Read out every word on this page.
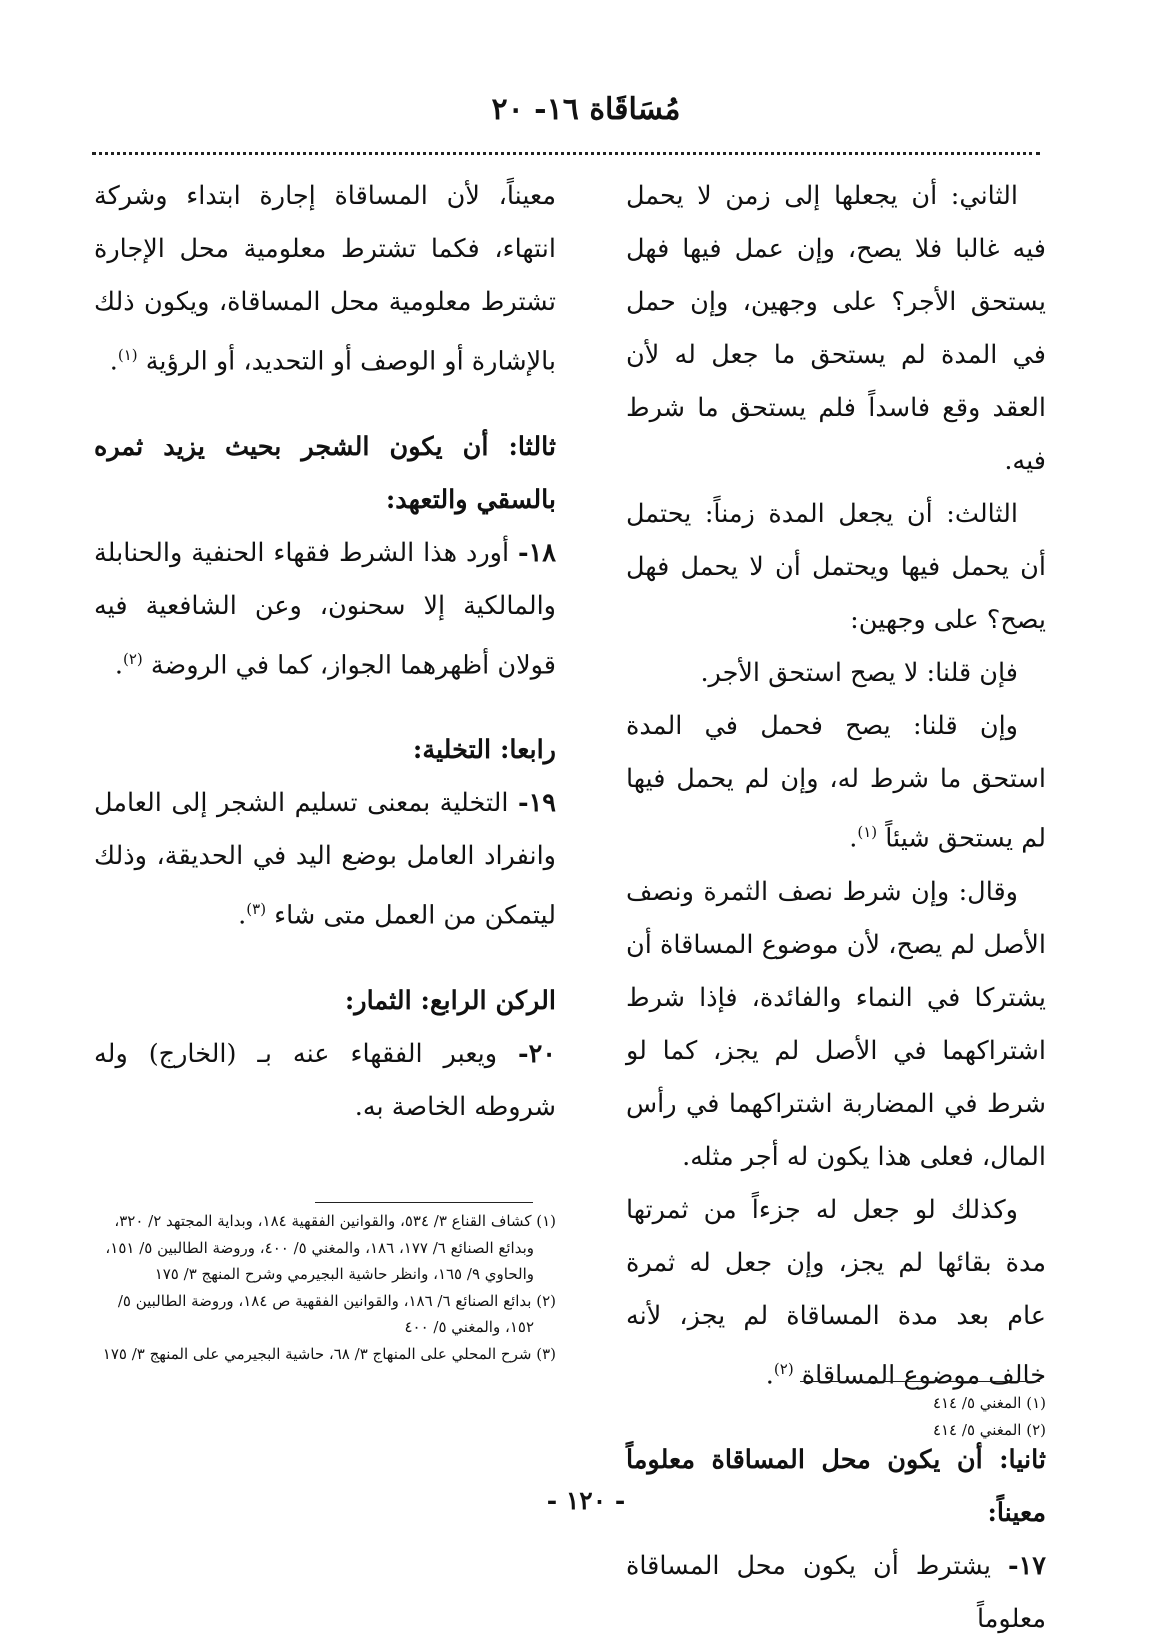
مُسَاقَاة ١٦- ٢٠

الثاني: أن يجعلها إلى زمن لا يحمل فيه غالبا فلا يصح، وإن عمل فيها فهل يستحق الأجر؟ على وجهين، وإن حمل في المدة لم يستحق ما جعل له لأن العقد وقع فاسداً فلم يستحق ما شرط فيه.

الثالث: أن يجعل المدة زمناً: يحتمل أن يحمل فيها ويحتمل أن لا يحمل فهل يصح؟ على وجهين:

فإن قلنا: لا يصح استحق الأجر.

وإن قلنا: يصح فحمل في المدة استحق ما شرط له، وإن لم يحمل فيها لم يستحق شيئاً $^{(١)}$.

وقال: وإن شرط نصف الثمرة ونصف الأصل لم يصح، لأن موضوع المساقاة أن يشتركا في النماء والفائدة، فإذا شرط اشتراكهما في الأصل لم يجز، كما لو شرط في المضاربة اشتراكهما في رأس المال، فعلى هذا يكون له أجر مثله.

وكذلك لو جعل له جزءاً من ثمرتها مدة بقائها لم يجز، وإن جعل له ثمرة عام بعد مدة المساقاة لم يجز، لأنه خالف موضوع المساقاة $^{(٢)}$.

ثانيا: أن يكون محل المساقاة معلوماً معيناً:

١٧- يشترط أن يكون محل المساقاة معلوماً

معيناً، لأن المساقاة إجارة ابتداء وشركة انتهاء، فكما تشترط معلومية محل الإجارة تشترط معلومية محل المساقاة، ويكون ذلك بالإشارة أو الوصف أو التحديد، أو الرؤية $^{(١)}$.

ثالثا: أن يكون الشجر بحيث يزيد ثمره بالسقي والتعهد:

١٨- أورد هذا الشرط فقهاء الحنفية والحنابلة والمالكية إلا سحنون، وعن الشافعية فيه قولان أظهرهما الجواز، كما في الروضة $^{(٢)}$.

رابعا: التخلية:

١٩- التخلية بمعنى تسليم الشجر إلى العامل وانفراد العامل بوضع اليد في الحديقة، وذلك ليتمكن من العمل متى شاء $^{(٣)}$.

الركن الرابع: الثمار:

٢٠- ويعبر الفقهاء عنه بـ (الخارج) وله شروطه الخاصة به.

(١) كشاف القناع ٣/ ٥٣٤، والقوانين الفقهية ١٨٤، وبداية المجتهد ٢/ ٣٢٠، وبدائع الصنائع ٦/ ١٧٧، ١٨٦، والمغني ٥/ ٤٠٠، وروضة الطالبين ٥/ ١٥١، والحاوي ٩/ ١٦٥، وانظر حاشية البجيرمي وشرح المنهج ٣/ ١٧٥

(٢) بدائع الصنائع ٦/ ١٨٦، والقوانين الفقهية ص ١٨٤، وروضة الطالبين ٥/ ١٥٢، والمغني ٥/ ٤٠٠

(٣) شرح المحلي على المنهاج ٣/ ٦٨، حاشية البجيرمي على المنهج ٣/ ١٧٥

(١) المغني ٥/ ٤١٤

(٢) المغني ٥/ ٤١٤

- ١٢٠ -
